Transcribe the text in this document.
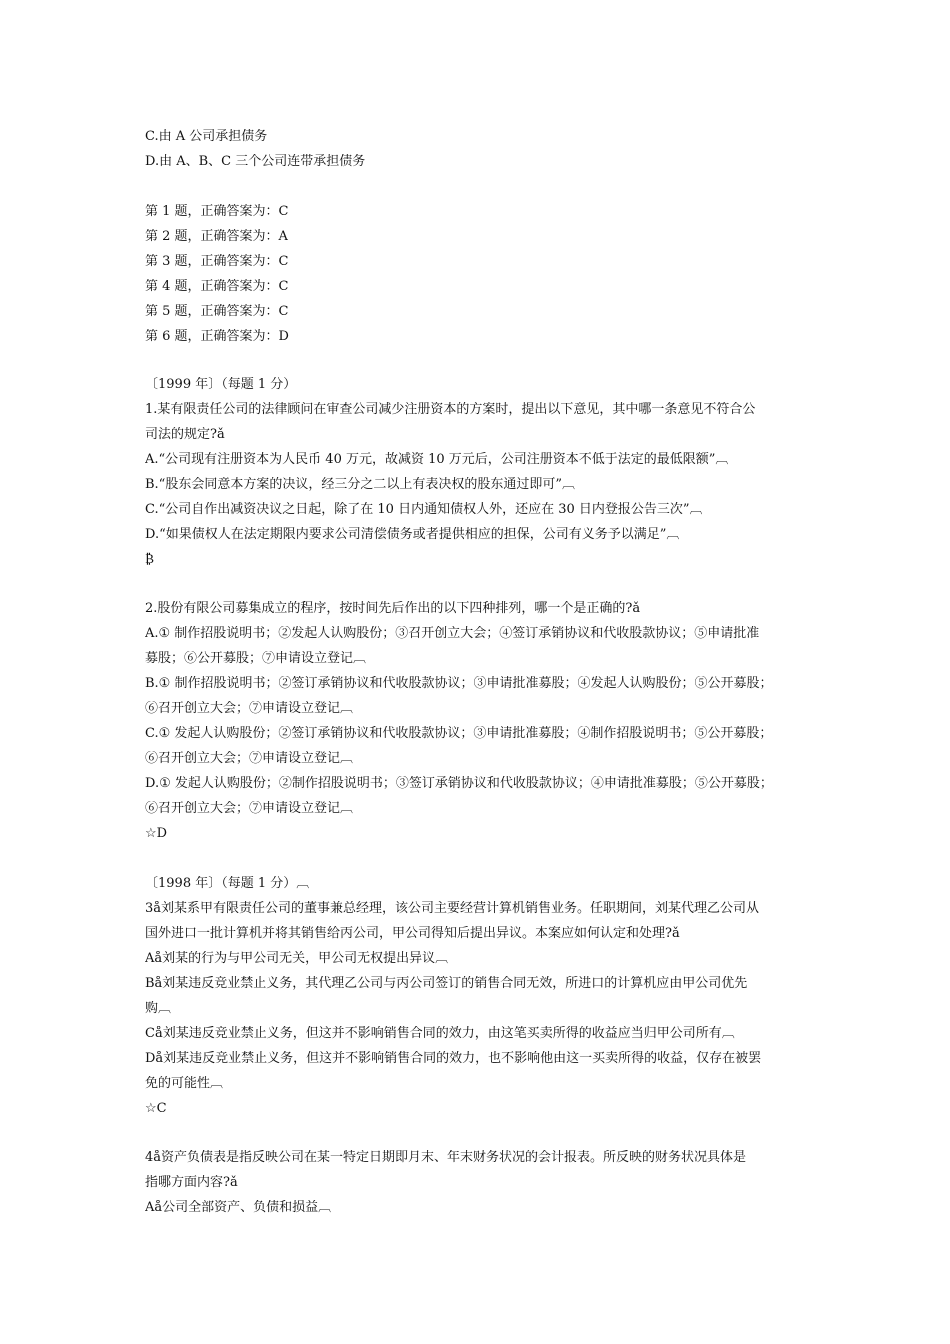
C.由 A 公司承担债务
D.由 A、B、C 三个公司连带承担债务
第 1 题，正确答案为：C
第 2 题，正确答案为：A
第 3 题，正确答案为：C
第 4 题，正确答案为：C
第 5 题，正确答案为：C
第 6 题，正确答案为：D
〔1999 年〕（每题 1 分）
1.某有限责任公司的法律顾问在审查公司减少注册资本的方案时，提出以下意见，其中哪一条意见不符合公
司法的规定?ǎ
A.“公司现有注册资本为人民币 40 万元，故减资 10 万元后，公司注册资本不低于法定的最低限额”︹
B.“股东会同意本方案的决议，经三分之二以上有表决权的股东通过即可”︹
C.“公司自作出减资决议之日起，除了在 10 日内通知债权人外，还应在 30 日内登报公告三次”︹
D.“如果债权人在法定期限内要求公司清偿债务或者提供相应的担保，公司有义务予以满足”︹
₿
2.股份有限公司募集成立的程序，按时间先后作出的以下四种排列，哪一个是正确的?ǎ
A.① 制作招股说明书；②发起人认购股份；③召开创立大会；④签订承销协议和代收股款协议；⑤申请批准
募股；⑥公开募股；⑦申请设立登记︹
B.① 制作招股说明书；②签订承销协议和代收股款协议；③申请批准募股；④发起人认购股份；⑤公开募股；
⑥召开创立大会；⑦申请设立登记︹
C.① 发起人认购股份；②签订承销协议和代收股款协议；③申请批准募股；④制作招股说明书；⑤公开募股；
⑥召开创立大会；⑦申请设立登记︹
D.① 发起人认购股份；②制作招股说明书；③签订承销协议和代收股款协议；④申请批准募股；⑤公开募股；
⑥召开创立大会；⑦申请设立登记︹
☆D
〔1998 年〕（每题 1 分）︹
3ǻ刘某系甲有限责任公司的董事兼总经理，该公司主要经营计算机销售业务。任职期间，刘某代理乙公司从
国外进口一批计算机并将其销售给丙公司，甲公司得知后提出异议。本案应如何认定和处理?ǎ
Aǻ刘某的行为与甲公司无关，甲公司无权提出异议︹
Bǻ刘某违反竞业禁止义务，其代理乙公司与丙公司签订的销售合同无效，所进口的计算机应由甲公司优先
购︹
Cǻ刘某违反竞业禁止义务，但这并不影响销售合同的效力，由这笔买卖所得的收益应当归甲公司所有︹
Dǻ刘某违反竞业禁止义务，但这并不影响销售合同的效力，也不影响他由这一买卖所得的收益，仅存在被罢
免的可能性︹
☆C
4ǻ资产负债表是指反映公司在某一特定日期即月末、年末财务状况的会计报表。所反映的财务状况具体是
指哪方面内容?ǎ
Aǻ公司全部资产、负债和损益︹
